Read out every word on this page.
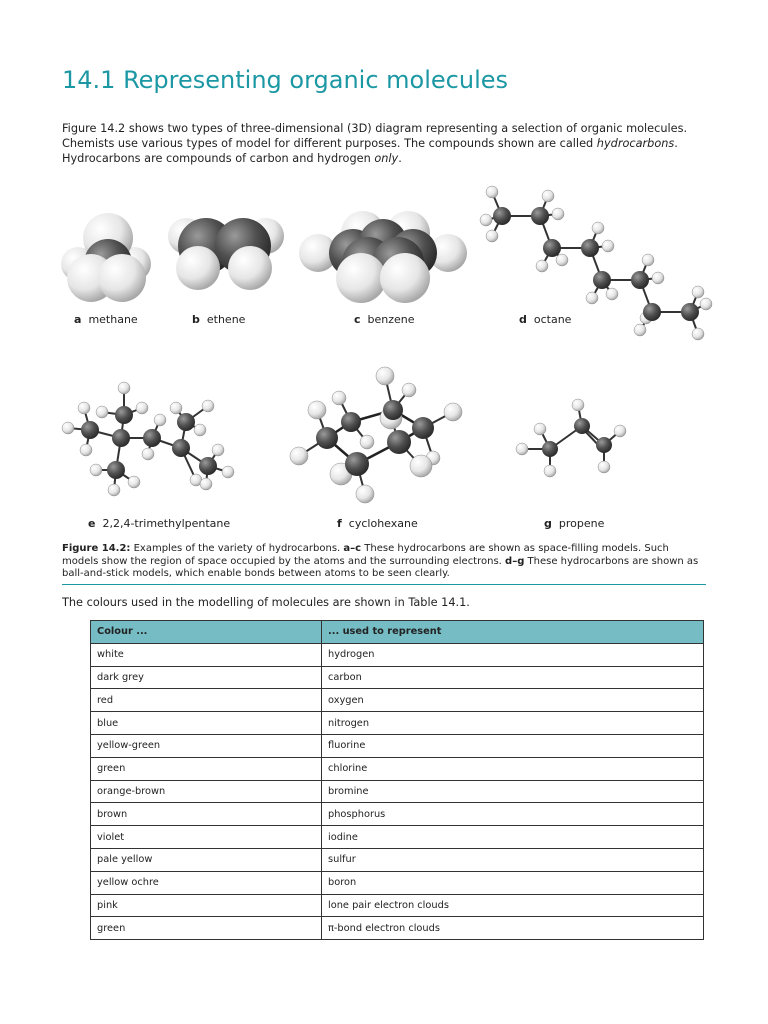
14.1 Representing organic molecules

Figure 14.2 shows two types of three-dimensional (3D) diagram representing a selection of organic molecules. Chemists use various types of model for different purposes. The compounds shown are called hydrocarbons. Hydrocarbons are compounds of carbon and hydrogen only.

a methane	b ethene	c benzene	d octane
e 2,2,4-trimethylpentane	f cyclohexane	g propene

Figure 14.2: Examples of the variety of hydrocarbons. a–c These hydrocarbons are shown as space-filling models. Such models show the region of space occupied by the atoms and the surrounding electrons. d–g These hydrocarbons are shown as ball-and-stick models, which enable bonds between atoms to be seen clearly.

The colours used in the modelling of molecules are shown in Table 14.1.

Colour ...	... used to represent
white	hydrogen
dark grey	carbon
red	oxygen
blue	nitrogen
yellow-green	fluorine
green	chlorine
orange-brown	bromine
brown	phosphorus
violet	iodine
pale yellow	sulfur
yellow ochre	boron
pink	lone pair electron clouds
green	π-bond electron clouds
